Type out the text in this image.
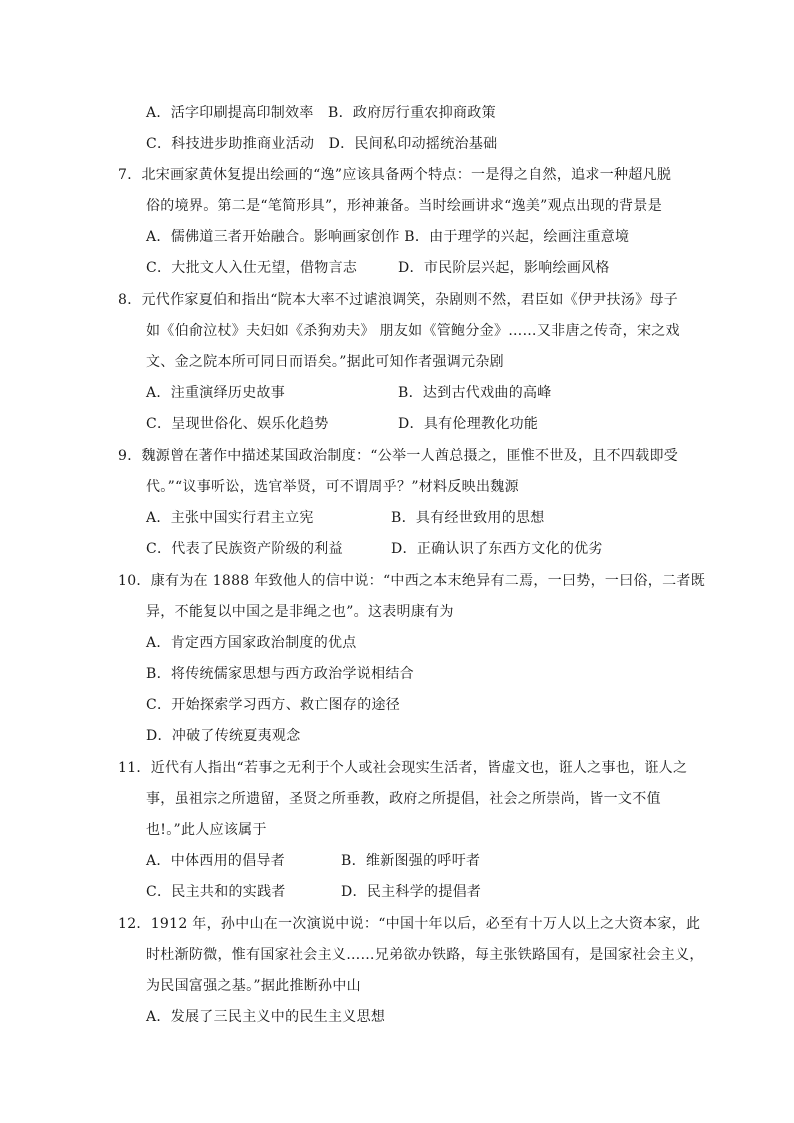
A．活字印刷提高印制效率　B．政府厉行重农抑商政策
C．科技进步助推商业活动　D．民间私印动摇统治基础
7．北宋画家黄休复提出绘画的“逸”应该具备两个特点：一是得之自然，追求一种超凡脱
俗的境界。第二是“笔简形具”，形神兼备。当时绘画讲求“逸美”观点出现的背景是
A．儒佛道三者开始融合。影响画家创作 B．由于理学的兴起，绘画注重意境
C．大批文人入仕无望，借物言志	D．市民阶层兴起，影响绘画风格
8．元代作家夏伯和指出“院本大率不过谑浪调笑，杂剧则不然，君臣如《伊尹扶汤》母子
如《伯俞泣杖》夫妇如《杀狗劝夫》 朋友如《管鲍分金》……又非唐之传奇，宋之戏
文、金之院本所可同日而语矣。”据此可知作者强调元杂剧
A．注重演绎历史故事	B．达到古代戏曲的高峰
C．呈现世俗化、娱乐化趋势	D．具有伦理教化功能
9．魏源曾在著作中描述某国政治制度：“公举一人酋总摄之，匪惟不世及，且不四载即受
代。”“议事听讼，选官举贤，可不谓周乎？”材料反映出魏源
A．主张中国实行君主立宪	B．具有经世致用的思想
C．代表了民族资产阶级的利益	D．正确认识了东西方文化的优劣
10．康有为在 1888 年致他人的信中说：“中西之本末绝异有二焉，一曰势，一曰俗，二者既
异，不能复以中国之是非绳之也”。这表明康有为
A．肯定西方国家政治制度的优点
B．将传统儒家思想与西方政治学说相结合
C．开始探索学习西方、救亡图存的途径
D．冲破了传统夏夷观念
11．近代有人指出“若事之无利于个人或社会现实生活者，皆虚文也，诳人之事也，诳人之
事，虽祖宗之所遗留，圣贤之所垂教，政府之所提倡，社会之所崇尚，皆一文不值
也!。”此人应该属于
A．中体西用的倡导者	B．维新图强的呼吁者
C．民主共和的实践者	D．民主科学的提倡者
12．1912 年，孙中山在一次演说中说：“中国十年以后，必至有十万人以上之大资本家，此
时杜渐防微，惟有国家社会主义……兄弟欲办铁路，每主张铁路国有，是国家社会主义，
为民国富强之基。”据此推断孙中山
A．发展了三民主义中的民生主义思想
